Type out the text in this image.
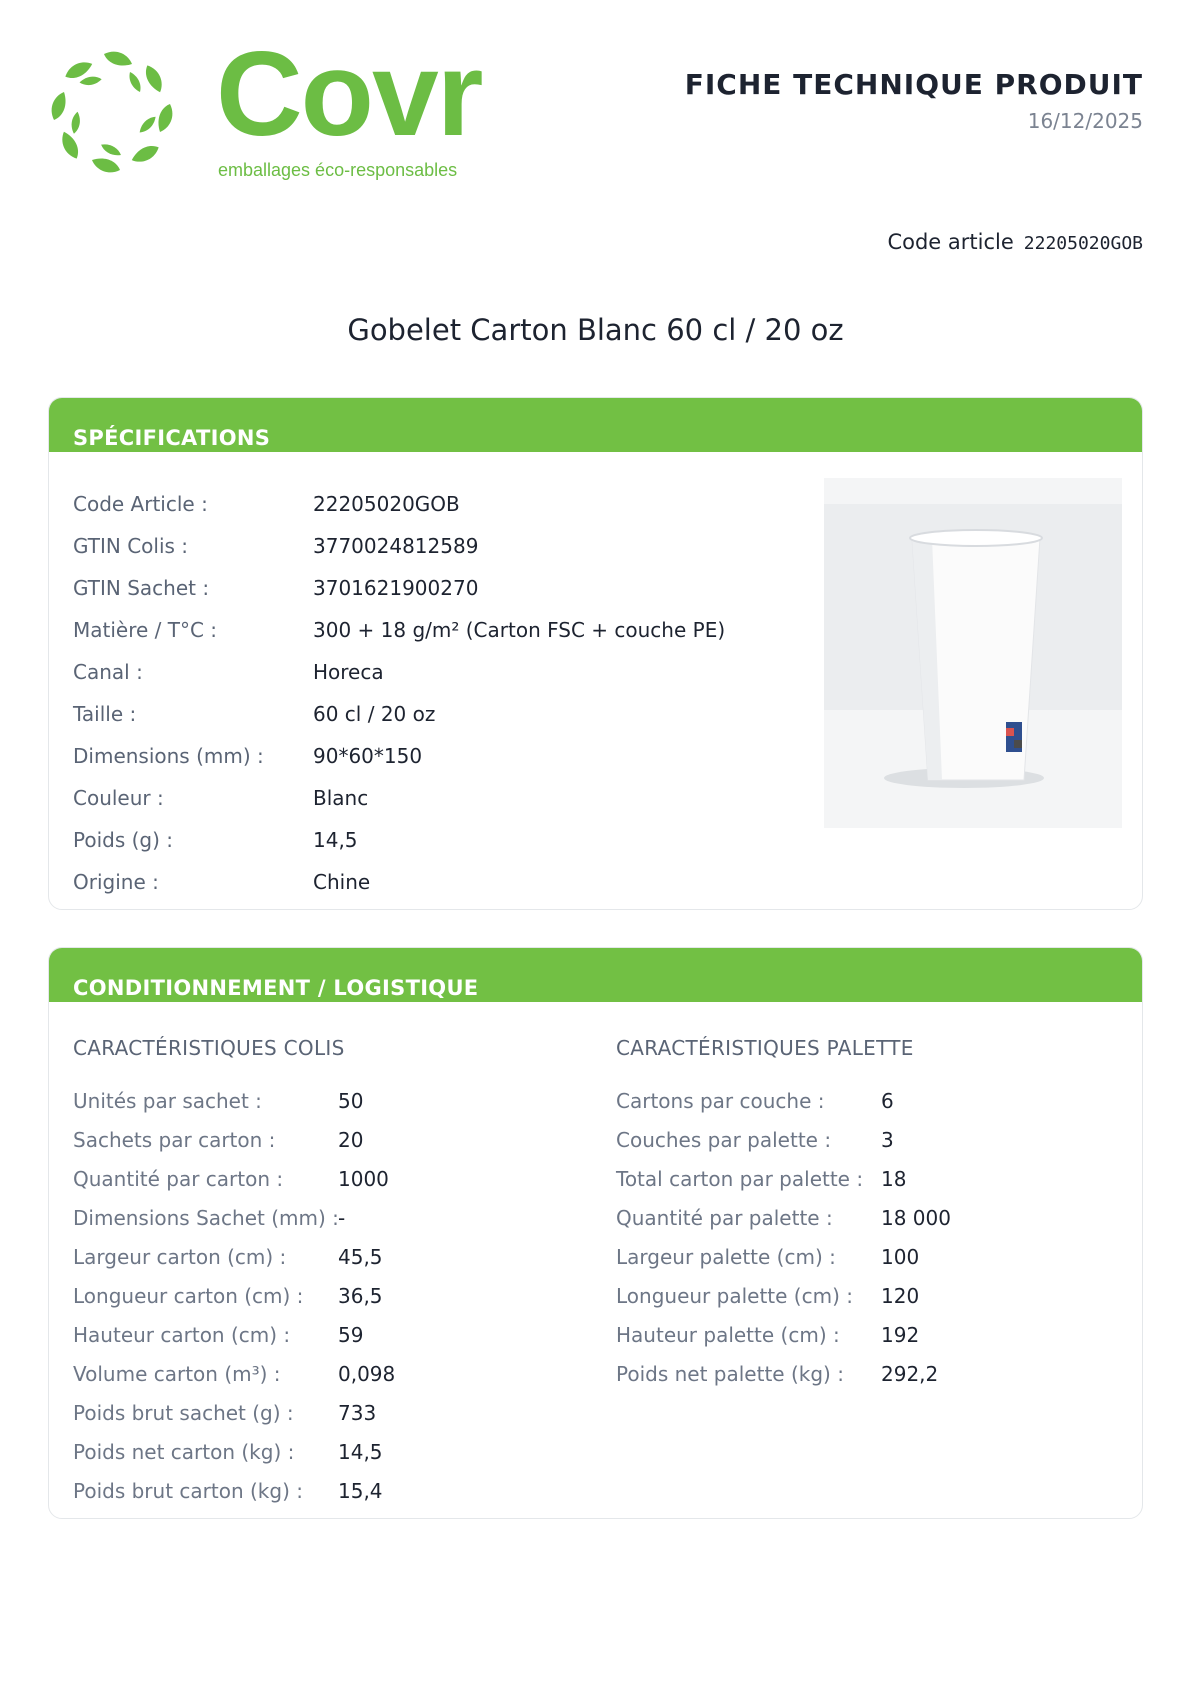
Covr
emballages éco-responsables
FICHE TECHNIQUE PRODUIT
16/12/2025
Code article 22205020GOB
Gobelet Carton Blanc 60 cl / 20 oz
SPÉCIFICATIONS
Code Article :	22205020GOB
GTIN Colis :	3770024812589
GTIN Sachet :	3701621900270
Matière / T°C :	300 + 18 g/m² (Carton FSC + couche PE)
Canal :	Horeca
Taille :	60 cl / 20 oz
Dimensions (mm) :	90*60*150
Couleur :	Blanc
Poids (g) :	14,5
Origine :	Chine
CONDITIONNEMENT / LOGISTIQUE
CARACTÉRISTIQUES COLIS	CARACTÉRISTIQUES PALETTE
Unités par sachet :	50
Sachets par carton :	20
Quantité par carton :	1000
Dimensions Sachet (mm) : -
Largeur carton (cm) :	45,5
Longueur carton (cm) :	36,5
Hauteur carton (cm) :	59
Volume carton (m³) :	0,098
Poids brut sachet (g) :	733
Poids net carton (kg) :	14,5
Poids brut carton (kg) :	15,4
Cartons par couche :	6
Couches par palette :	3
Total carton par palette : 18
Quantité par palette :	18 000
Largeur palette (cm) :	100
Longueur palette (cm) :	120
Hauteur palette (cm) :	192
Poids net palette (kg) :	292,2
